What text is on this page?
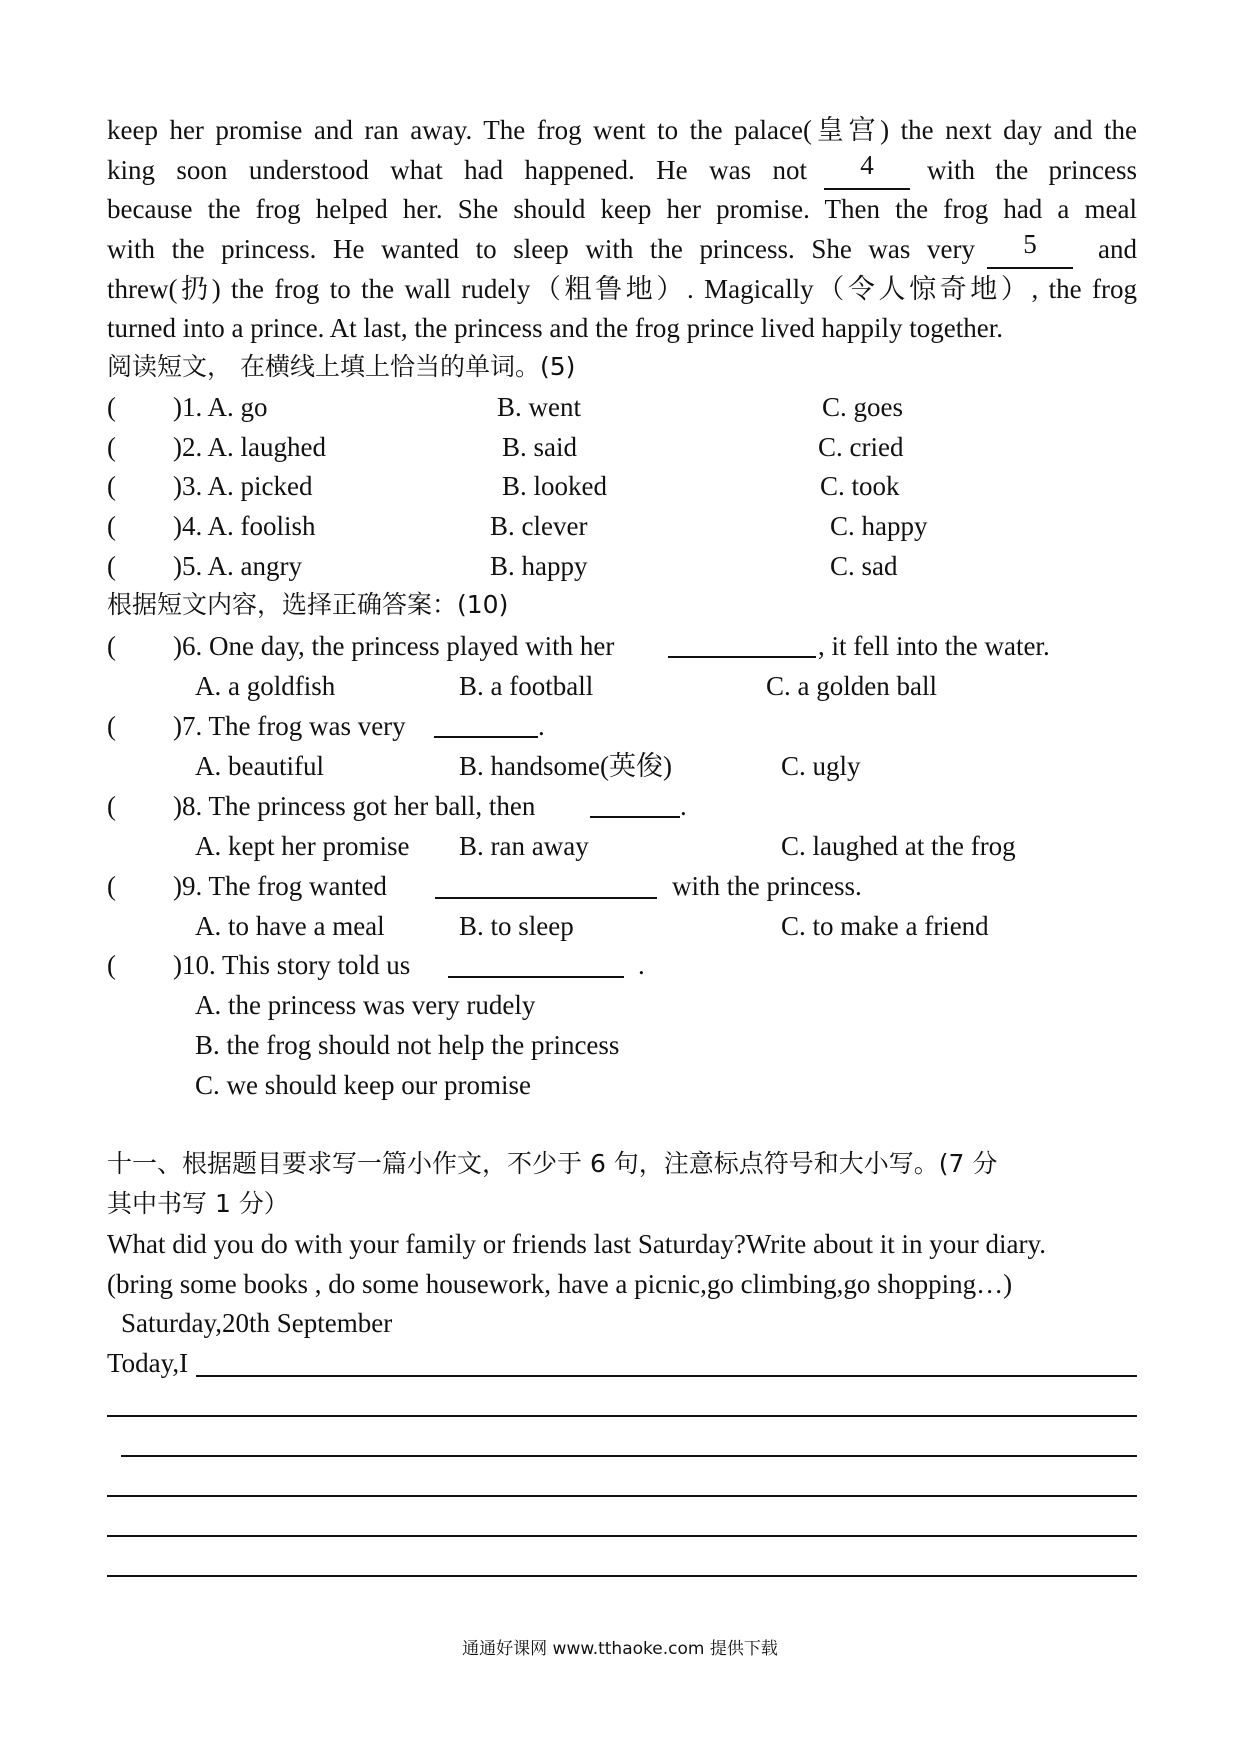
keep her promise and ran away. The frog went to the palace(皇宫) the next day and the
king soon understood what had happened. He was not	4	with the princess
because the frog helped her. She should keep her promise. Then the frog had a meal
with the princess. He wanted to sleep with the princess. She was very	5	and
threw(扔) the frog to the wall rudely（粗鲁地）. Magically（令人惊奇地）, the frog
turned into a prince. At last, the princess and the frog prince lived happily together.
阅读短文， 在横线上填上恰当的单词。(5)
( )1. A. go	B. went	C. goes
( )2. A. laughed	B. said	C. cried
( )3. A. picked	B. looked	C. took
( )4. A. foolish	B. clever	C. happy
( )5. A. angry	B. happy	C. sad
根据短文内容，选择正确答案：(10)
( )6. One day, the princess played with her	, it fell into the water.
A. a goldfish	B. a football	C. a golden ball
( )7. The frog was very	.
A. beautiful	B. handsome(英俊)	C. ugly
( )8. The princess got her ball, then	.
A. kept her promise B. ran away	C. laughed at the frog
( )9. The frog wanted	with the princess.
A. to have a meal	B. to sleep	C. to make a friend
( )10. This story told us	.
A. the princess was very rudely
B. the frog should not help the princess
C. we should keep our promise
十一、根据题目要求写一篇小作文，不少于 6 句，注意标点符号和大小写。(7 分
其中书写 1 分）
What did you do with your family or friends last Saturday?Write about it in your diary.
(bring some books , do some housework, have a picnic,go climbing,go shopping…)
Saturday,20th September
Today,I
通通好课网 www.tthaoke.com 提供下载
